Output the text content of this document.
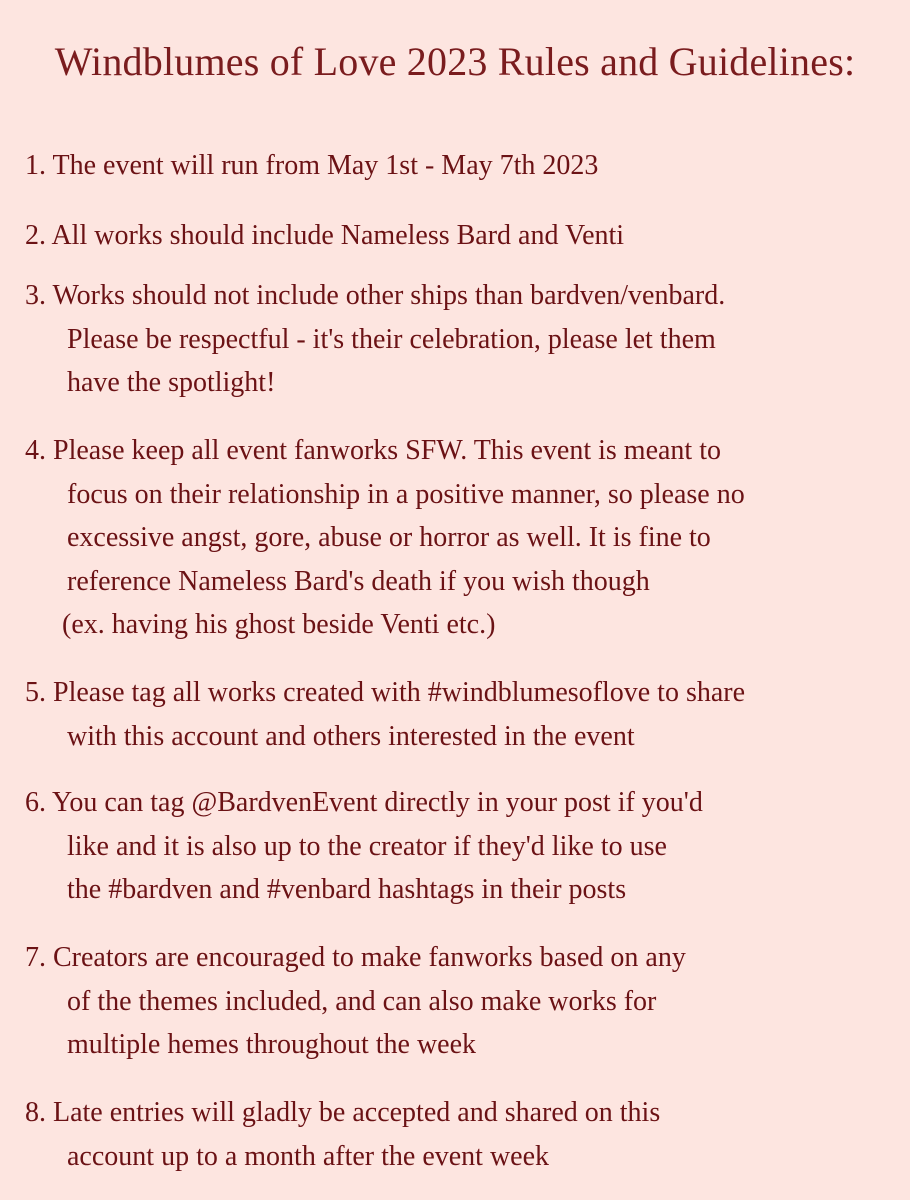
Windblumes of Love 2023 Rules and Guidelines:
1. The event will run from May 1st - May 7th 2023
2. All works should include Nameless Bard and Venti
3. Works should not include other ships than bardven/venbard.
Please be respectful - it's their celebration, please let them
have the spotlight!
4. Please keep all event fanworks SFW. This event is meant to
focus on their relationship in a positive manner, so please no
excessive angst, gore, abuse or horror as well. It is fine to
reference Nameless Bard's death if you wish though
(ex. having his ghost beside Venti etc.)
5. Please tag all works created with #windblumesoflove to share
with this account and others interested in the event
6. You can tag @BardvenEvent directly in your post if you'd
like and it is also up to the creator if they'd like to use
the #bardven and #venbard hashtags in their posts
7. Creators are encouraged to make fanworks based on any
of the themes included, and can also make works for
multiple hemes throughout the week
8. Late entries will gladly be accepted and shared on this
account up to a month after the event week
